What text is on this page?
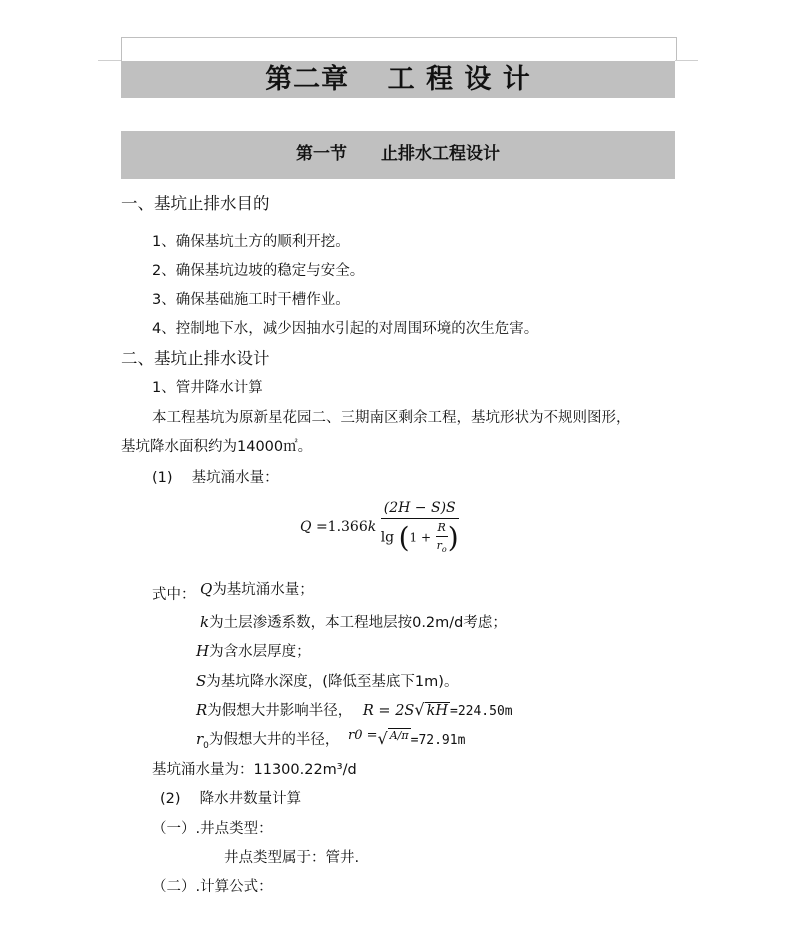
第二章　 工 程 设 计
第一节　　止排水工程设计
一、基坑止排水目的
1、确保基坑土方的顺利开挖。
2、确保基坑边坡的稳定与安全。
3、确保基础施工时干槽作业。
4、控制地下水，减少因抽水引起的对周围环境的次生危害。
二、基坑止排水设计
1、管井降水计算
本工程基坑为原新星花园二、三期南区剩余工程，基坑形状为不规则图形，
基坑降水面积约为14000㎡。
(1)　 基坑涌水量：
$Q =1.366k \frac{(2H - S)S}{\lg (1 + \frac{R}{r_o} )}$
式中： Q为基坑涌水量；
k为土层渗透系数，本工程地层按0.2m/d考虑；
H为含水层厚度；
S为基坑降水深度，(降低至基底下1m)。
R为假想大井影响半径， R = 2S√ kH =224.50m
$r_0$为假想大井的半径， r0 =√ A/π =72.91m
基坑涌水量为：11300.22m³/d
(2)　 降水井数量计算
（一）.井点类型：
井点类型属于：管井.
（二）.计算公式：
